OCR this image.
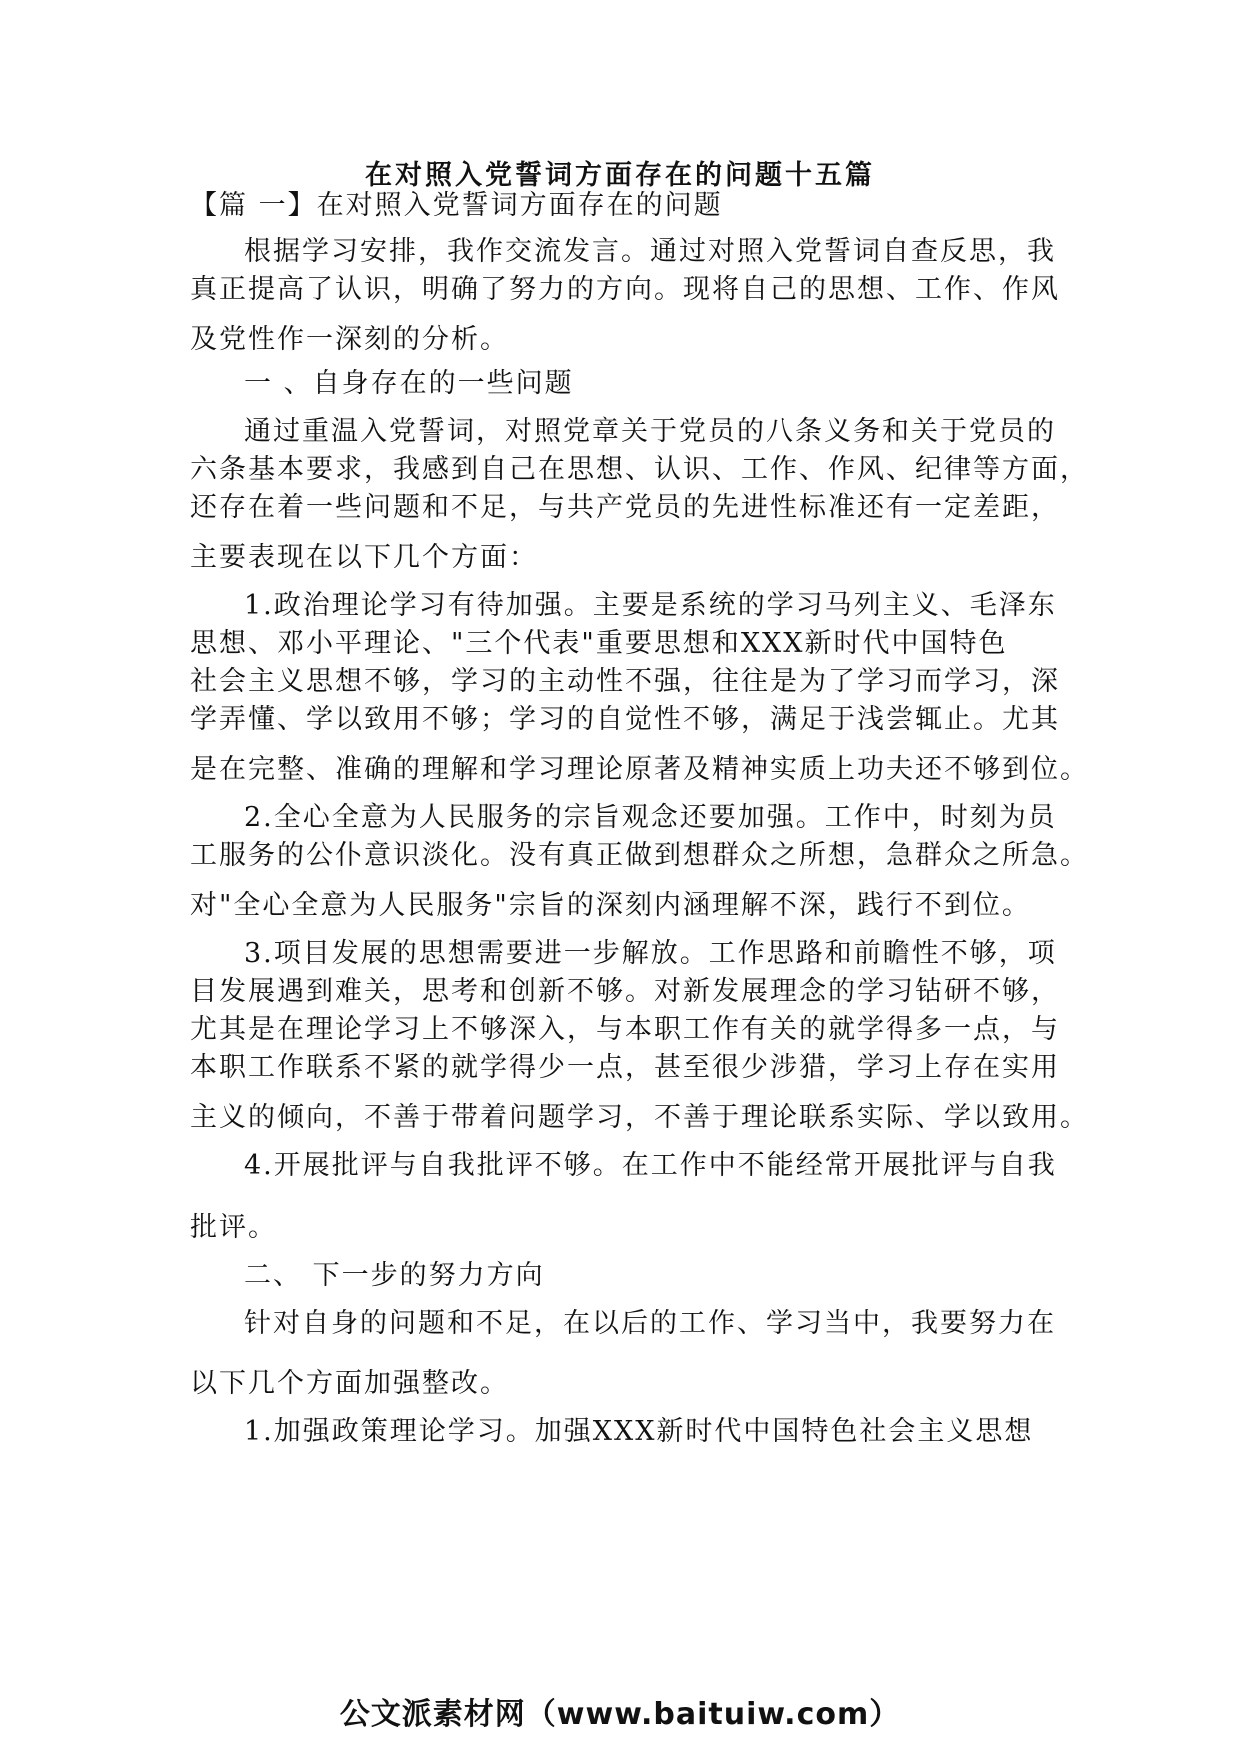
在对照入党誓词方面存在的问题十五篇
【篇 一】在对照入党誓词方面存在的问题
根据学习安排，我作交流发言。通过对照入党誓词自查反思，我
真正提高了认识，明确了努力的方向。现将自己的思想、工作、作风
及党性作一深刻的分析。
一 、自身存在的一些问题
通过重温入党誓词，对照党章关于党员的八条义务和关于党员的
六条基本要求，我感到自己在思想、认识、工作、作风、纪律等方面，
还存在着一些问题和不足，与共产党员的先进性标准还有一定差距，
主要表现在以下几个方面：
1.政治理论学习有待加强。主要是系统的学习马列主义、毛泽东
思想、邓小平理论、"三个代表"重要思想和XXX新时代中国特色
社会主义思想不够，学习的主动性不强，往往是为了学习而学习，深
学弄懂、学以致用不够；学习的自觉性不够，满足于浅尝辄止。尤其
是在完整、准确的理解和学习理论原著及精神实质上功夫还不够到位。
2.全心全意为人民服务的宗旨观念还要加强。工作中，时刻为员
工服务的公仆意识淡化。没有真正做到想群众之所想，急群众之所急。
对"全心全意为人民服务"宗旨的深刻内涵理解不深，践行不到位。
3.项目发展的思想需要进一步解放。工作思路和前瞻性不够，项
目发展遇到难关，思考和创新不够。对新发展理念的学习钻研不够，
尤其是在理论学习上不够深入，与本职工作有关的就学得多一点，与
本职工作联系不紧的就学得少一点，甚至很少涉猎，学习上存在实用
主义的倾向，不善于带着问题学习，不善于理论联系实际、学以致用。
4.开展批评与自我批评不够。在工作中不能经常开展批评与自我
批评。
二、 下一步的努力方向
针对自身的问题和不足，在以后的工作、学习当中，我要努力在
以下几个方面加强整改。
1.加强政策理论学习。加强XXX新时代中国特色社会主义思想
公文派素材网（www.baituiw.com）
